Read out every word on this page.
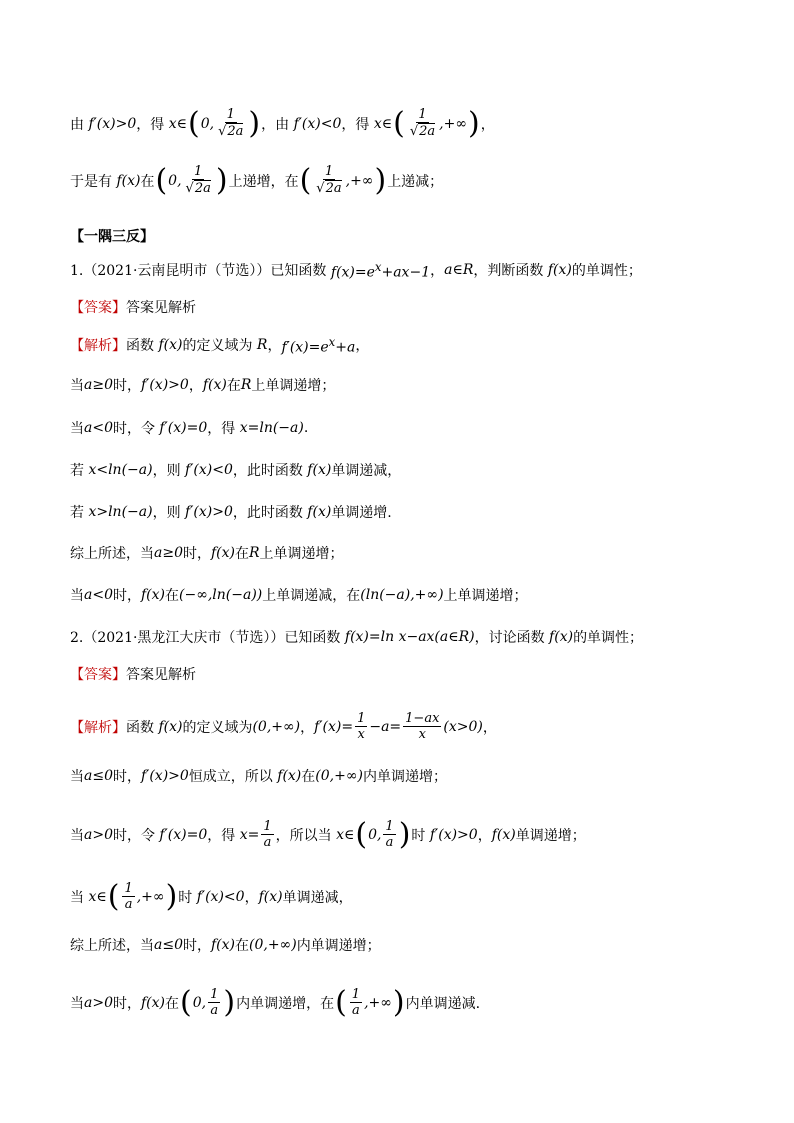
由 f′(x)>0 ，得 x∈ ( 0, $\frac{1}{√ 2a}$ ) ，由 f′(x)<0 ，得 x∈ ( $\frac{1}{√ 2a}$ ,+∞ ) ，
于是有 f(x) 在 ( 0, $\frac{1}{√ 2a}$ ) 上递增，在 ( $\frac{1}{√ 2a}$ ,+∞ ) 上递减；
【一隅三反】
1.（2021·云南昆明市（节选））已知函数 $f(x)=e^x+ax-1$ ， a∈R ，判断函数 f(x) 的单调性；
【答案】 答案见解析
【解析】 函数 f(x) 的定义域为 R ， $f'(x)=e^x+a$ ，
当 a≥0 时， f′(x)>0 ， f(x) 在 R 上单调递增；
当 a<0 时，令 f′(x)=0 ，得 x=ln(−a) .
若 x<ln(−a) ，则 f′(x)<0 ，此时函数 f(x) 单调递减，
若 x>ln(−a) ，则 f′(x)>0 ，此时函数 f(x) 单调递增.
综上所述，当 a≥0 时， f(x) 在 R 上单调递增；
当 a<0 时， f(x) 在 (−∞,ln(−a)) 上单调递减，在 (ln(−a),+∞) 上单调递增；
2.（2021·黑龙江大庆市（节选））已知函数 f(x)=ln x−ax(a∈R) ，讨论函数 f(x) 的单调性；
【答案】 答案见解析
【解析】 函数 f(x) 的定义域为 (0,+∞) ， $f'(x)= \frac{1}{x} -a= \frac{1-ax}{x} (x>0)$ ，
当 a≤0 时， f′(x)>0 恒成立，所以 f(x) 在 (0,+∞) 内单调递增；
当 a>0 时，令 f′(x)=0 ，得 $x= \frac{1}{a}$ ，所以当 x∈ ( 0, $\frac{1}{a}$ ) 时 f′(x)>0 ， f(x) 单调递增；
当 x∈ ( $\frac{1}{a}$ ,+∞ ) 时 f′(x)<0 ， f(x) 单调递减，
综上所述，当 a≤0 时， f(x) 在 (0,+∞) 内单调递增；
当 a>0 时， f(x) 在 ( 0, $\frac{1}{a}$ ) 内单调递增，在 ( $\frac{1}{a}$ ,+∞ ) 内单调递减.
